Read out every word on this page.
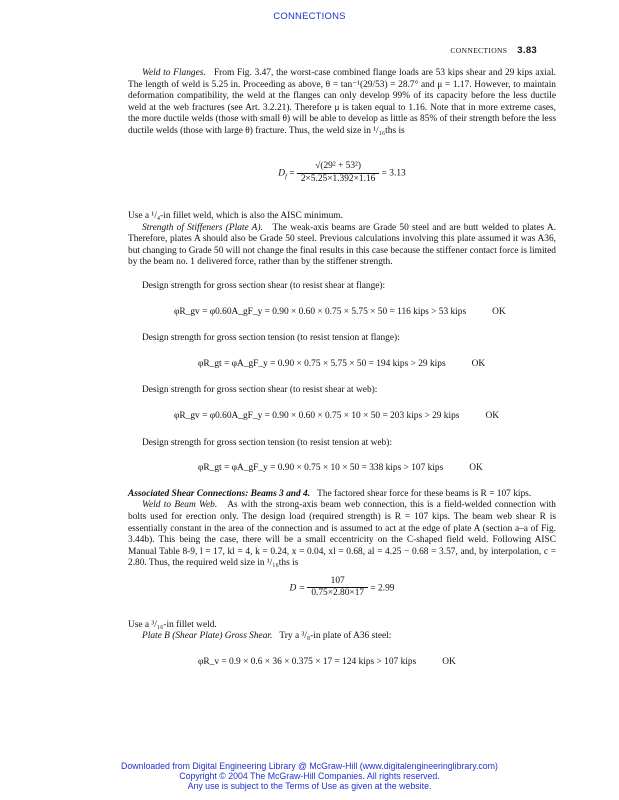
CONNECTIONS
CONNECTIONS 3.83

Weld to Flanges. From Fig. 3.47, the worst-case combined flange loads are 53 kips shear and 29 kips axial. The length of weld is 5.25 in. Proceeding as above, θ = tan⁻¹(29/53) = 28.7° and μ = 1.17. However, to maintain deformation compatibility, the weld at the flanges can only develop 99% of its capacity before the less ductile weld at the web fractures (see Art. 3.2.21). Therefore μ is taken equal to 1.16. Note that in more extreme cases, the more ductile welds (those with small θ) will be able to develop as little as 85% of their strength before the less ductile welds (those with large θ) fracture. Thus, the weld size in ¹/₁₆ths is

$D_f = \frac{\text{√(29² + 53²)}}{2\times 5.25\times 1.392\times 1.16} = 3.13$

Use a ¹/₄-in fillet weld, which is also the AISC minimum.

Strength of Stiffeners (Plate A). The weak-axis beams are Grade 50 steel and are butt welded to plates A. Therefore, plates A should also be Grade 50 steel. Previous calculations involving this plate assumed it was A36, but changing to Grade 50 will not change the final results in this case because the stiffener contact force is limited by the beam no. 1 delivered force, rather than by the stiffener strength.

Design strength for gross section shear (to resist shear at flange):

φR_gv = φ0.60A_gF_y = 0.90 × 0.60 × 0.75 × 5.75 × 50 = 116 kips > 53 kips	OK

Design strength for gross section tension (to resist tension at flange):

φR_gt = φA_gF_y = 0.90 × 0.75 × 5.75 × 50 = 194 kips > 29 kips	OK

Design strength for gross section shear (to resist shear at web):

φR_gv = φ0.60A_gF_y = 0.90 × 0.60 × 0.75 × 10 × 50 = 203 kips > 29 kips	OK

Design strength for gross section tension (to resist tension at web):

φR_gt = φA_gF_y = 0.90 × 0.75 × 10 × 50 = 338 kips > 107 kips	OK

Associated Shear Connections: Beams 3 and 4. The factored shear force for these beams is R = 107 kips.

Weld to Beam Web. As with the strong-axis beam web connection, this is a field-welded connection with bolts used for erection only. The design load (required strength) is R = 107 kips. The beam web shear R is essentially constant in the area of the connection and is assumed to act at the edge of plate A (section a–a of Fig. 3.44b). This being the case, there will be a small eccentricity on the C-shaped field weld. Following AISC Manual Table 8-9, l = 17, kl = 4, k = 0.24, x = 0.04, xl = 0.68, al = 4.25 − 0.68 = 3.57, and, by interpolation, c = 2.80. Thus, the required weld size in ¹/₁₆ths is

$D = \frac{107}{0.75\times 2.80\times 17} = 2.99$

Use a ³/₁₆-in fillet weld.

Plate B (Shear Plate) Gross Shear. Try a ³/₈-in plate of A36 steel:

φR_v = 0.9 × 0.6 × 36 × 0.375 × 17 = 124 kips > 107 kips	OK

Downloaded from Digital Engineering Library @ McGraw-Hill (www.digitalengineeringlibrary.com)
Copyright © 2004 The McGraw-Hill Companies. All rights reserved.
Any use is subject to the Terms of Use as given at the website.
